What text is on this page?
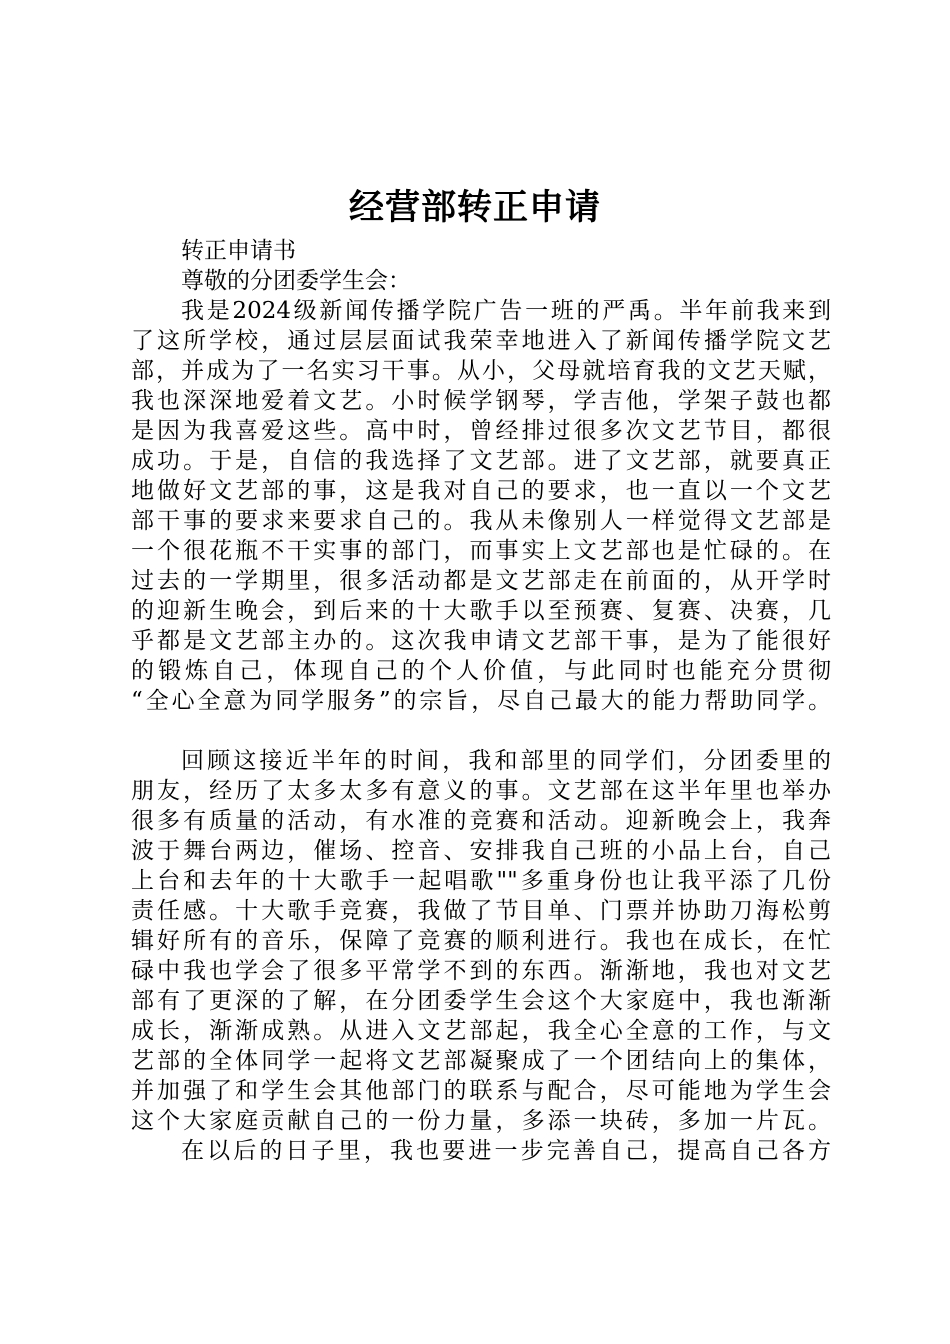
经营部转正申请
转正申请书
尊敬的分团委学生会：
我是2024级新闻传播学院广告一班的严禹。半年前我来到
了这所学校，通过层层面试我荣幸地进入了新闻传播学院文艺
部，并成为了一名实习干事。从小，父母就培育我的文艺天赋，
我也深深地爱着文艺。小时候学钢琴，学吉他，学架子鼓也都
是因为我喜爱这些。高中时，曾经排过很多次文艺节目，都很
成功。于是，自信的我选择了文艺部。进了文艺部，就要真正
地做好文艺部的事，这是我对自己的要求，也一直以一个文艺
部干事的要求来要求自己的。我从未像别人一样觉得文艺部是
一个很花瓶不干实事的部门，而事实上文艺部也是忙碌的。在
过去的一学期里，很多活动都是文艺部走在前面的，从开学时
的迎新生晚会，到后来的十大歌手以至预赛、复赛、决赛，几
乎都是文艺部主办的。这次我申请文艺部干事，是为了能很好
的锻炼自己，体现自己的个人价值，与此同时也能充分贯彻
“全心全意为同学服务”的宗旨，尽自己最大的能力帮助同学。
回顾这接近半年的时间，我和部里的同学们，分团委里的
朋友，经历了太多太多有意义的事。文艺部在这半年里也举办
很多有质量的活动，有水准的竞赛和活动。迎新晚会上，我奔
波于舞台两边，催场、控音、安排我自己班的小品上台，自己
上台和去年的十大歌手一起唱歌""多重身份也让我平添了几份
责任感。十大歌手竞赛，我做了节目单、门票并协助刀海松剪
辑好所有的音乐，保障了竞赛的顺利进行。我也在成长，在忙
碌中我也学会了很多平常学不到的东西。渐渐地，我也对文艺
部有了更深的了解，在分团委学生会这个大家庭中，我也渐渐
成长，渐渐成熟。从进入文艺部起，我全心全意的工作，与文
艺部的全体同学一起将文艺部凝聚成了一个团结向上的集体，
并加强了和学生会其他部门的联系与配合，尽可能地为学生会
这个大家庭贡献自己的一份力量，多添一块砖，多加一片瓦。
在以后的日子里，我也要进一步完善自己，提高自己各方
